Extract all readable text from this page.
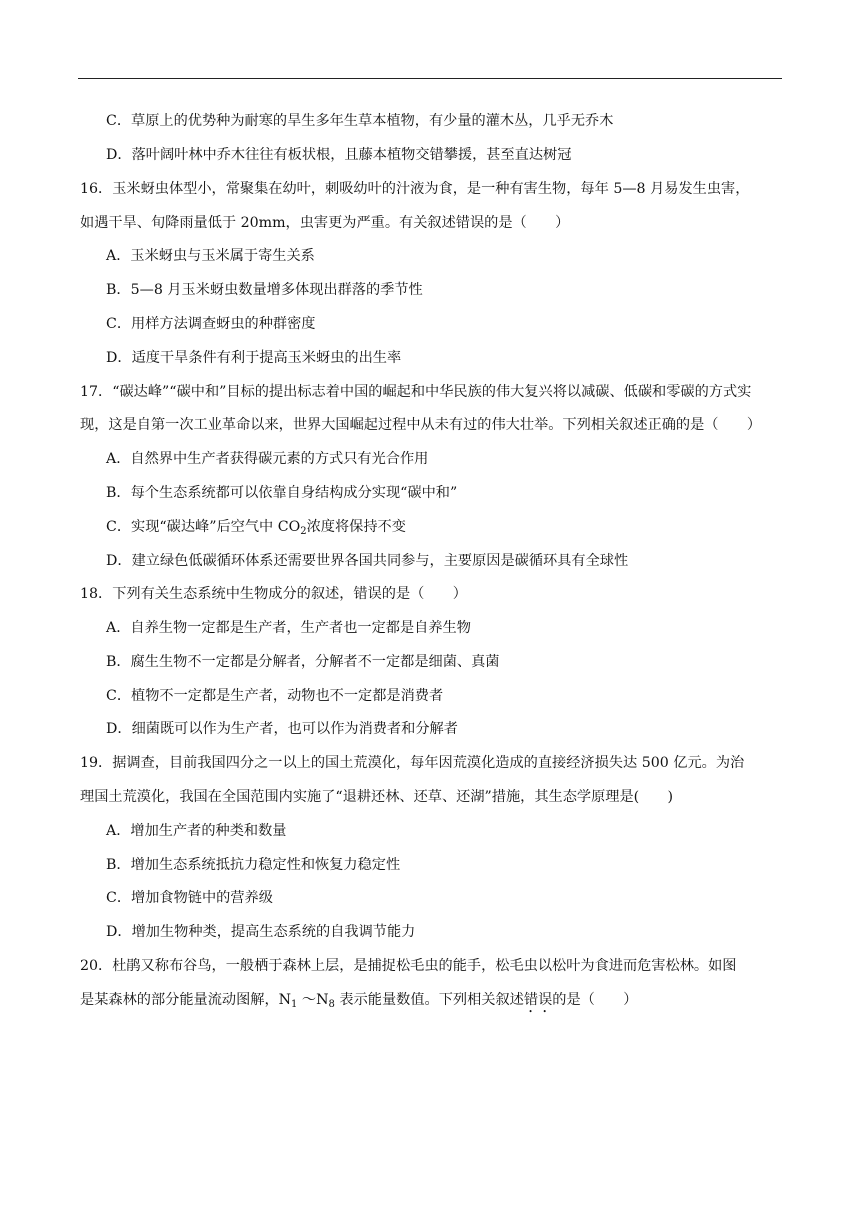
C．草原上的优势种为耐寒的旱生多年生草本植物，有少量的灌木丛，几乎无乔木
D．落叶阔叶林中乔木往往有板状根，且藤本植物交错攀援，甚至直达树冠
16．玉米蚜虫体型小，常聚集在幼叶，刺吸幼叶的汁液为食，是一种有害生物，每年 5—8 月易发生虫害，
如遇干旱、旬降雨量低于 20mm，虫害更为严重。有关叙述错误的是（　　）
A．玉米蚜虫与玉米属于寄生关系
B．5—8 月玉米蚜虫数量增多体现出群落的季节性
C．用样方法调查蚜虫的种群密度
D．适度干旱条件有利于提高玉米蚜虫的出生率
17．“碳达峰”“碳中和”目标的提出标志着中国的崛起和中华民族的伟大复兴将以减碳、低碳和零碳的方式实
现，这是自第一次工业革命以来，世界大国崛起过程中从未有过的伟大壮举。下列相关叙述正确的是（　　）
A．自然界中生产者获得碳元素的方式只有光合作用
B．每个生态系统都可以依靠自身结构成分实现“碳中和”
C．实现“碳达峰”后空气中 $CO_2$浓度将保持不变
D．建立绿色低碳循环体系还需要世界各国共同参与，主要原因是碳循环具有全球性
18．下列有关生态系统中生物成分的叙述，错误的是（　　）
A．自养生物一定都是生产者，生产者也一定都是自养生物
B．腐生生物不一定都是分解者，分解者不一定都是细菌、真菌
C．植物不一定都是生产者，动物也不一定都是消费者
D．细菌既可以作为生产者，也可以作为消费者和分解者
19．据调查，目前我国四分之一以上的国土荒漠化，每年因荒漠化造成的直接经济损失达 500 亿元。为治
理国土荒漠化，我国在全国范围内实施了“退耕还林、还草、还湖”措施，其生态学原理是(　　)
A．增加生产者的种类和数量
B．增加生态系统抵抗力稳定性和恢复力稳定性
C．增加食物链中的营养级
D．增加生物种类，提高生态系统的自我调节能力
20．杜鹃又称布谷鸟，一般栖于森林上层，是捕捉松毛虫的能手，松毛虫以松叶为食进而危害松林。如图
是某森林的部分能量流动图解，$N_1$ $\sim N_8$ 表示能量数值。下列相关叙述错误的是（　　）
